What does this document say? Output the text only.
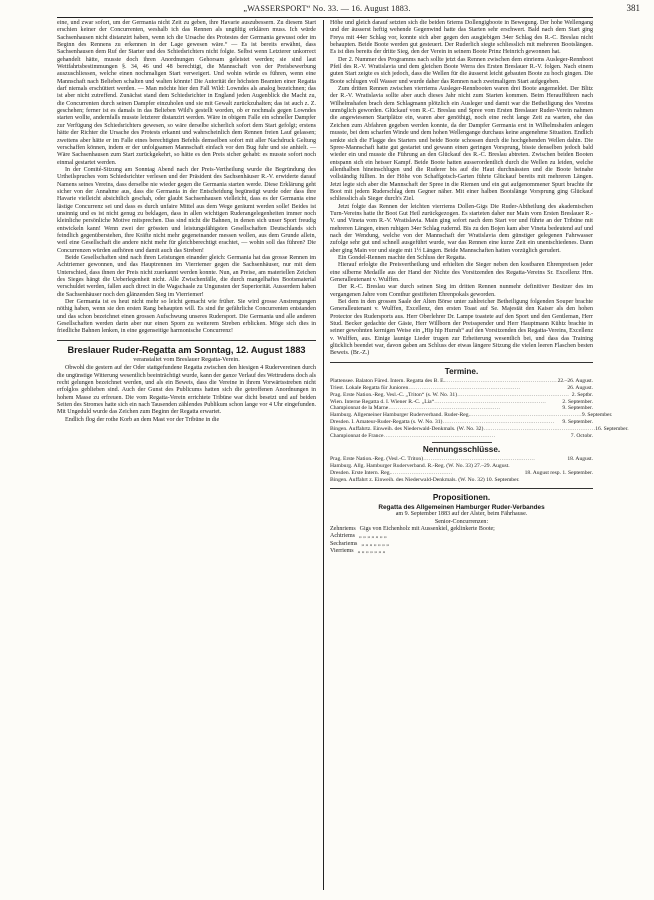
„WASSERSPORT“ No. 33. — 16. August 1883.	381

eine, und zwar sofort, um der Germania nicht Zeit zu geben, ihre Havarie auszubessern. Zu diesem Start erschien keiner der Concurrenten, weshalb ich das Rennen als ungültig erklären muss. Ich würde Sachsenhausen nicht distanzirt haben, wenn ich die Ursache des Protestes der Germania gewusst oder im Beginn des Rennens zu erkennen in der Lage gewesen wäre.“ — Es ist bereits erwähnt, dass Sachsenhausen dem Ruf der Starter und des Schiedsrichters nicht folgte. Selbst wenn Letzterer unkorrect gehandelt hätte, musste doch ihren Anordnungen Gehorsam geleistet werden; sie sind laut Wettfahrtsbestimmungen §. 34, 46 und 48 berechtigt, die Mannschaft von der Preisbewerbung auszuschliessen, welche einen nochmaligen Start verweigert. Und wohin würde es führen, wenn eine Mannschaft nach Belieben schalten und walten könnte! Die Autorität der höchsten Beamten einer Regatta darf niemals erschüttert werden. — Man möchte hier den Fall Wild: Lowndes als analog bezeichnen; das ist aber nicht zutreffend. Zunächst stand dem Schiedsrichter in England jeden Augenblick die Macht zu, die Concurrenten durch seinen Dampfer einzuholen und sie mit Gewalt zurückzuhalten; das ist auch z. Z. geschehen; ferner ist es damals in das Belieben Wild's gestellt worden, ob er nochmals gegen Lowndes starten wollte, andernfalls musste letzterer distanzirt werden. Wäre in obigem Falle ein schneller Dampfer zur Verfügung des Schiedsrichters gewesen, so wäre derselbe sicherlich sofort dem Start gefolgt; erstens hätte der Richter die Ursache des Protests erkannt und wahrscheinlich dem Rennen freien Lauf gelassen; zweitens aber hätte er im Falle eines berechtigten Befehls demselben sofort mit aller Nachdruck Geltung verschaffen können, indem er der unfolgsamen Mannschaft einfach vor den Bug fuhr und sie anhielt. — Wäre Sachsenhausen zum Start zurückgekehrt, so hätte es den Preis sicher gehabt: es musste sofort noch einmal gestartet werden.

In der Comité-Sitzung am Sonntag Abend nach der Preis-Vertheilung wurde die Begründung des Urtheilspruches vom Schiedsrichter verlesen und der Präsident des Sachsenhäuser R.-V. erwiderte darauf Namens seines Vereins, dass derselbe nie wieder gegen die Germania starten werde. Diese Erklärung geht sicher von der Annahme aus, dass die Germania in der Entscheidung begünstigt wurde oder dass ihre Havarie vielleicht absichtlich geschah, oder glaubt Sachsenhausen vielleicht, dass es der Germania eine lästige Concurrenz sei und dass es durch unfaire Mittel aus dem Wege geräumt werden solle! Beides ist unsinnig und es ist nicht genug zu beklagen, dass in allen wichtigen Ruderangelegenheiten immer noch kleinliche persönliche Motive mitsprechen. Das sind nicht die Bahnen, in denen sich unser Sport freudig entwickeln kann! Wenn zwei der grössten und leistungsfähigsten Gesellschaften Deutschlands sich feindlich gegenüberstehen, ihre Kräfte nicht mehr gegeneinander messen wollen, aus dem Grunde allein, weil eine Gesellschaft die andere nicht mehr für gleichberechtigt erachtet, — wohin soll das führen? Die Concurrenzen würden aufhören und damit auch das Streben!

Beide Gesellschaften sind nach ihren Leistungen einander gleich: Germania hat das grosse Rennen im Achtriemer gewonnen, und das Hauptrennen im Vierriemer gegen die Sachsenhäuser, nur mit dem Unterschied, dass ihnen der Preis nicht zuerkannt werden konnte. Nun, an Preise, am materiellen Zeichen des Sieges hängt die Ueberlegenheit nicht. Alle Zwischenfälle, die durch mangelhaftes Bootsmaterial verschuldet werden, fallen auch direct in die Wagschaale zu Ungunsten der Superiorität. Ausserdem haben die Sachsenhäuser noch den glänzenden Sieg im Vierriemer!

Der Germania ist es heut nicht mehr so leicht gemacht wie früher. Sie wird grosse Anstrengungen nöthig haben, wenn sie den ersten Rang behaupten will. Es sind ihr gefährliche Concurrenten entstanden und das schon bezeichnet einen grossen Aufschwung unseres Rudersport. Die Germania und alle anderen Gesellschaften werden darin aber nur einen Sporn zu weiterem Streben erblicken. Möge sich dies in friedliche Bahnen lenken, in eine gegenseitige harmonische Concurrenz!

Breslauer Ruder-Regatta am Sonntag, 12. August 1883
veranstaltet vom Breslauer Regatta-Verein.

Obwohl die gestern auf der Oder stattgefundene Regatta zwischen den hiesigen 4 Rudervereinen durch die ungünstige Witterung wesentlich beeinträchtigt wurde, kann der ganze Verlauf des Wettrudens doch als recht gelungen bezeichnet werden, und als ein Beweis, dass die Vereine in ihrem Vorwärtsstreben nicht erfolglos geblieben sind. Auch der Gunst des Publicums hatten sich die getroffenen Anordnungen in hohem Masse zu erfreuen. Die vom Regatta-Verein errichtete Tribüne war dicht besetzt und auf beiden Seiten des Stromes hatte sich ein nach Tausenden zählendes Publikum schon lange vor 4 Uhr eingefunden. Mit Ungeduld wurde das Zeichen zum Beginn der Regatta erwartet.

Endlich flog der rothe Korb an dem Mast vor der Tribüne in die

Höhe und gleich darauf setzten sich die beiden 6riems Dollengigboote in Bewegung. Der hohe Wellengang und der äusserst heftig wehende Gegenwind hatte das Starten sehr erschwert. Bald nach dem Start ging Freya mit 44er Schlag vor, konnte sich aber gegen den ausgiebigen 34er Schlag des R.-C. Breslau nicht behaupten. Beide Boote werden gut gesteuert. Der Ruderlich siegte schliesslich mit mehreren Bootslängen. Es ist dies bereits der dritte Sieg, den der Verein in seinem Boote Prinz Heinrich gewonnen hat.

Der 2. Nummer des Programms nach sollte jetzt das Rennen zwischen dem einriems Ausleger-Rennboot Pfeil des R.-V. Wratislavia und dem gleichen Boote Werra des Ersten Breslauer R.-V. folgen. Nach einem guten Start zeigte es sich jedoch, dass die Wellen für die äusserst leicht gebauten Boote zu hoch gingen. Die Boote schlugen voll Wasser und wurde daher das Rennen nach zweimaligem Start aufgegeben.

Zum dritten Rennen zwischen vierriems Ausleger-Rennbooten waren drei Boote angemeldet. Der Blitz der R.-V. Wratislavia sollte aber auch dieses Jahr nicht zum Starten kommen. Beim Heraufführen nach Wilhelmshafen brach dem Schlagmann plötzlich ein Ausleger und damit war die Betheiligung des Vereins unmöglich geworden. Glückauf vom R.-C. Breslau und Spree vom Ersten Breslauer Ruder-Verein nahmen die angewiesenen Startplätze ein, waren aber genöthigt, noch eine recht lange Zeit zu warten, ehe das Zeichen zum Abfahren gegeben werden konnte, da der Dampfer Germania erst in Wilhelmshafen anlegen musste, bei dem scharfen Winde und dem hohen Wellengange durchaus keine angenehme Situation. Endlich senkte sich die Flagge des Starters und beide Boote schossen durch die hochgehenden Wellen dahin. Die Spree-Mannschaft hatte gut gestartet und gewann einen geringen Vorsprung, bisste denselben jedoch bald wieder ein und musste die Führung an den Glückauf des R.-C. Breslau abtreten. Zwischen beiden Booten entspann sich ein heisser Kampf. Beide Boote hatten ausserordentlich durch die Wellen zu leiden, welche allenthalben hineinschlugen und die Ruderer bis auf die Haut durchnässten und die Boote beinahe vollständig füllten. In der Höhe von Schaffgotsch-Garten führte Glückauf bereits mit mehreren Längen. Jetzt legte sich aber die Mannschaft der Spree in die Riemen und ein gut aufgenommener Spurt brachte ihr Boot mit jedem Ruderschlag dem Gegner näher. Mit einer halben Bootslänge Vorsprung ging Glückauf schliesslich als Sieger durch's Ziel.

Jetzt folgte das Rennen der leichten vierriems Dollen-Gigs Die Ruder-Abtheilung des akademischen Turn-Vereins hatte ihr Boot Gut Heil zurückgezogen. Es starteten daher nur Main vom Ersten Breslauer R.-V. und Vineta vom R.-V. Wratislavia. Main ging sofort nach dem Start vor und führte an der Tribüne mit mehreren Längen, einen ruhigen 34er Schlag rudernd. Bis zu den Bojen kam aber Vineta bedeutend auf und nach der Wendung, welche von der Mannschaft der Wratislavia dem günstiger gelegenen Fahrwasser zufolge sehr gut und schnell ausgeführt wurde, war das Rennen eine kurze Zeit ein unentschiedenes. Dann aber ging Main vor und siegte mit 1½ Längen. Beide Mannschaften hatten vorzüglich gerudert.

Ein Gondel-Rennen machte den Schluss der Regatta.

Hierauf erfolgte die Preisvertheilung und erhielten die Sieger neben den kostbaren Ehrenpreisen jeder eine silberne Medaille aus der Hand der Nichte des Vorsitzenden des Regatta-Vereins Sr. Excellenz Hrn. Generalleutenant v. Wulffen.

Der R.-C. Breslau war durch seinen Sieg im dritten Rennen nunmehr definitiver Besitzer des im vergangenen Jahre vom Comthur gestifteten Ehrenpokals geworden.

Bei dem in den grossen Saale der Alten Börse unter zahlreicher Betheiligung folgenden Souper brachte Generalleutenant v. Wulffen, Excellenz, den ersten Toast auf Se. Majestät den Kaiser als den hohen Protector des Rudersports aus. Herr Oberlehrer Dr. Lampe toastete auf den Sport und den Gentleman, Herr Stud. Becker gedachte der Gäste, Herr Willborn der Preisspender und Herr Hauptmann Kühtz brachte in seiner gewohnten kernigen Weise ein „Hip hip Hurrah“ auf den Vorsitzenden des Regatta-Vereins, Excellenz v. Wulffen, aus. Einige launige Lieder trugen zur Erheiterung wesentlich bei, und dass das Training glücklich beendet war, davon gaben am Schluss der etwas längere Sitzung die vielen leeren Flaschen besten Beweis. (Br.-Z.)

Termine.
Plattensee. Balaton Füred. Intern. Regatta des B. E. …………………………………………………… 22.–26. August.
Triest. Lokale Regatta für Junioren ……………………………………………………	26. August.
Prag. Erste Nation.-Reg. Vesl.-C. „Triton“ (s. W. No. 31) …………………………………………………… 2. Septbr.
Wien. Interne Regatta d. I. Wiener R.-C. „Lia“ ……………………………………………………	2. September.
Championnat de la Marne ……………………………………………………	9. September.
Hamburg. Allgemeiner Hamburger Ruderverband. Ruder-Reg. …………………………………………………… 9. September.
Dresden. I. Amateur-Ruder-Regatta (s. W. No. 31) ……………………………………………………	9. September.
Bingen. Auffahrtz. Einweih. des Niederwald-Denkmals. (W. No. 32) …………………………………………………… 16. September.
Championnat de France ……………………………………………………	7. Octobr.
Nennungsschlüsse.
Prag. Erste Nation.-Reg. (Vesl.-C. Triton) ……………………………………………………	18. August.
Hamburg. Allg. Hamburger Ruderverband. R.-Reg. (W. No. 33) 27.–29. August.
Dresden. Erste Intern. Reg. ……………………………	18. August resp. 1. September.
Bingen. Auffahrt z. Einweih. des Niederwald-Denkmals. (W. No. 32) 10. September.
Propositionen.
Regatta des Allgemeinen Hamburger Ruder-Verbandes
am 9. September 1883 auf der Alster, beim Fährhause.
Senior-Concurrenzen:
Zehnriems Gigs von Eichenholz mit Aussenkiel, geklinkerte Boote;
Achtriems „ „ „ „ „ „ „
Sechsriems „ „ „ „ „ „ „
Vierriems „ „ „ „ „ „ „
